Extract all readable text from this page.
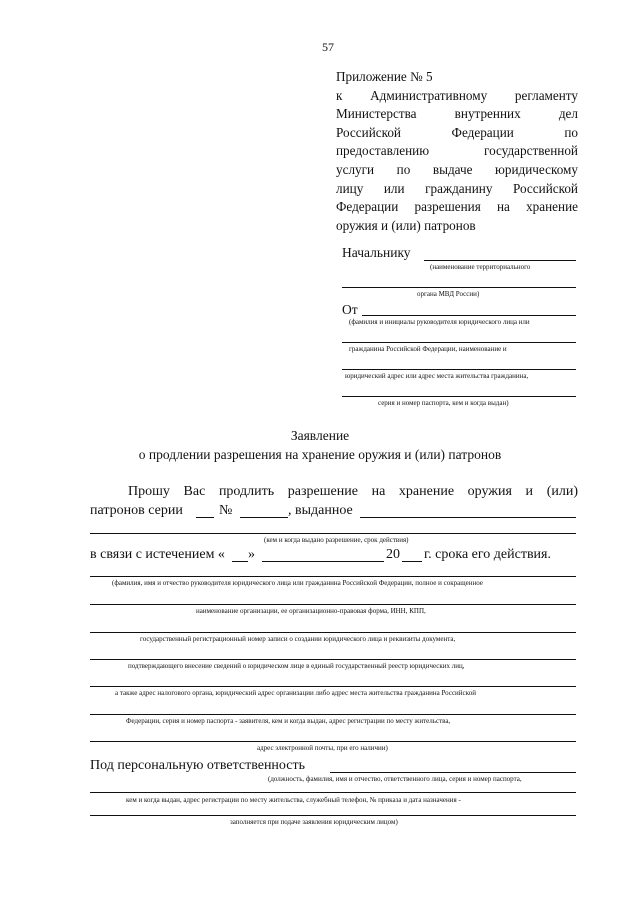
57
Приложение № 5
к Административному регламенту
Министерства внутренних дел
Российской Федерации по
предоставлению государственной
услуги по выдаче юридическому
лицу или гражданину Российской
Федерации разрешения на хранение
оружия и (или) патронов
Начальнику
(наименование территориального
органа МВД России)
От
(фамилия и инициалы руководителя юридического лица или
гражданина Российской Федерации, наименование и
юридический адрес или адрес места жительства гражданина,
серия и номер паспорта, кем и когда выдан)
Заявление
о продлении разрешения на хранение оружия и (или) патронов
Прошу Вас продлить разрешение на хранение оружия и (или)
патронов серии	№	, выданное
(кем и когда выдано разрешение, срок действия)
в связи с истечением « »	20 г. срока его действия.
(фамилия, имя и отчество руководителя юридического лица или гражданина Российской Федерации, полное и сокращенное
наименование организации, ее организационно-правовая форма, ИНН, КПП,
государственный регистрационный номер записи о создании юридического лица и реквизиты документа,
подтверждающего внесение сведений о юридическом лице в единый государственный реестр юридических лиц,
а также адрес налогового органа, юридический адрес организации либо адрес места жительства гражданина Российской
Федерации, серия и номер паспорта - заявителя, кем и когда выдан, адрес регистрации по месту жительства,
адрес электронной почты, при его наличии)
Под персональную ответственность
(должность, фамилия, имя и отчество, ответственного лица, серия и номер паспорта,
кем и когда выдан, адрес регистрации по месту жительства, служебный телефон, № приказа и дата назначения -
заполняется при подаче заявления юридическим лицом)
